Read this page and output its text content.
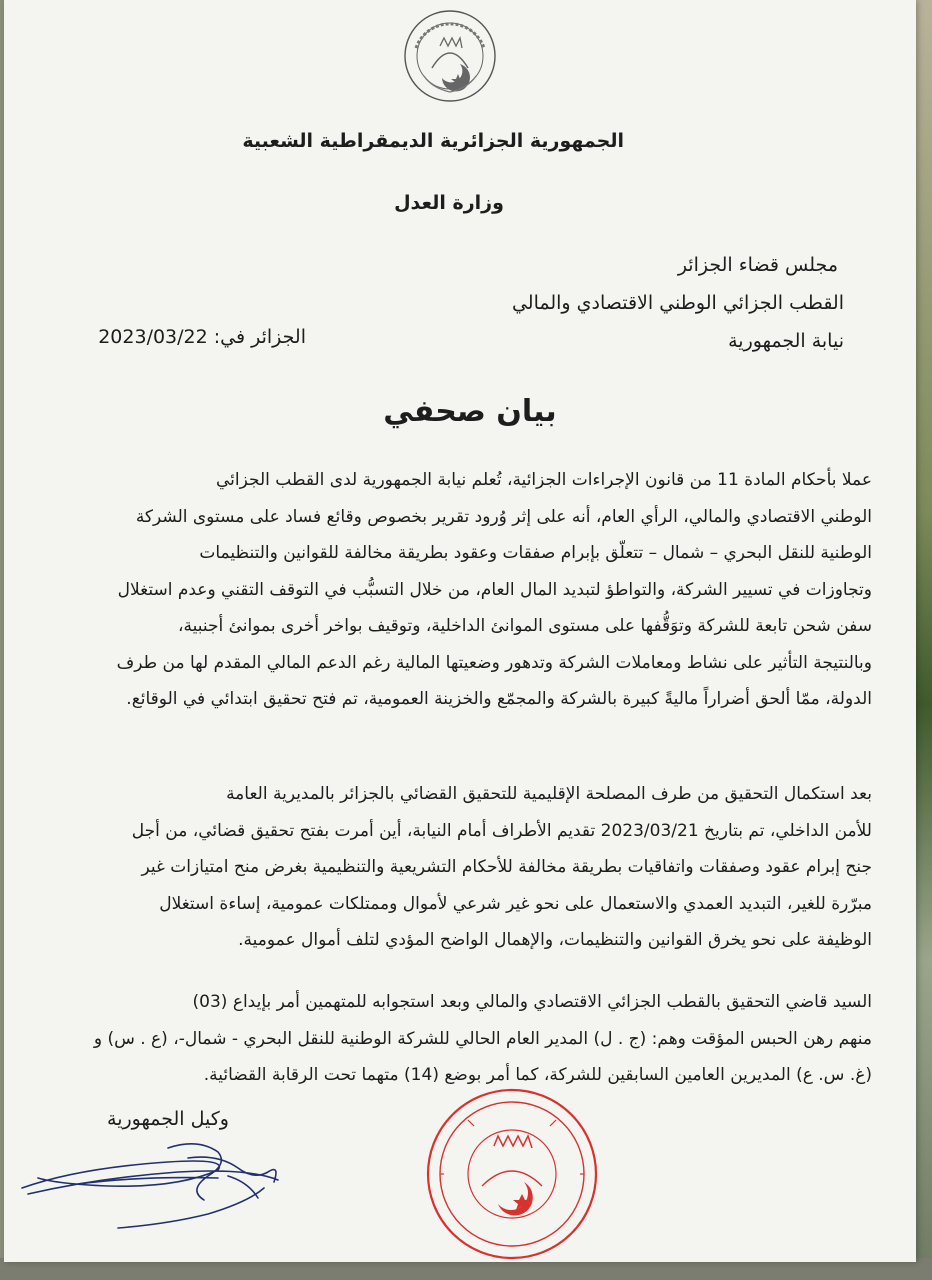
الجمهورية الجزائرية الديمقراطية الشعبية
وزارة العدل
مجلس قضاء الجزائر
القطب الجزائي الوطني الاقتصادي والمالي
نيابة الجمهورية
الجزائر في: 2023/03/22
بيان صحفي

عملا بأحكام المادة 11 من قانون الإجراءات الجزائية، تُعلم نيابة الجمهورية لدى القطب الجزائي
الوطني الاقتصادي والمالي، الرأي العام، أنه على إثر وُرود تقرير بخصوص وقائع فساد على مستوى الشركة
الوطنية للنقل البحري – شمال – تتعلّق بإبرام صفقات وعقود بطريقة مخالفة للقوانين والتنظيمات
وتجاوزات في تسيير الشركة، والتواطؤ لتبديد المال العام، من خلال التسبُّب في التوقف التقني وعدم استغلال
سفن شحن تابعة للشركة وتوَقُّفها على مستوى الموانئ الداخلية، وتوقيف بواخر أخرى بموانئ أجنبية،
وبالنتيجة التأثير على نشاط ومعاملات الشركة وتدهور وضعيتها المالية رغم الدعم المالي المقدم لها من طرف
الدولة، ممّا ألحق أضراراً ماليةً كبيرة بالشركة والمجمّع والخزينة العمومية، تم فتح تحقيق ابتدائي في الوقائع.

بعد استكمال التحقيق من طرف المصلحة الإقليمية للتحقيق القضائي بالجزائر بالمديرية العامة
للأمن الداخلي، تم بتاريخ 2023/03/21 تقديم الأطراف أمام النيابة، أين أمرت بفتح تحقيق قضائي، من أجل
جنح إبرام عقود وصفقات واتفاقيات بطريقة مخالفة للأحكام التشريعية والتنظيمية بغرض منح امتيازات غير
مبرّرة للغير، التبديد العمدي والاستعمال على نحو غير شرعي لأموال وممتلكات عمومية، إساءة استغلال
الوظيفة على نحو يخرق القوانين والتنظيمات، والإهمال الواضح المؤدي لتلف أموال عمومية.

السيد قاضي التحقيق بالقطب الجزائي الاقتصادي والمالي وبعد استجوابه للمتهمين أمر بإيداع (03)
منهم رهن الحبس المؤقت وهم: (ج . ل) المدير العام الحالي للشركة الوطنية للنقل البحري - شمال-، (ع . س) و
(غ. س. ع) المديرين العامين السابقين للشركة، كما أمر بوضع (14) متهما تحت الرقابة القضائية.

وكيل الجمهورية
